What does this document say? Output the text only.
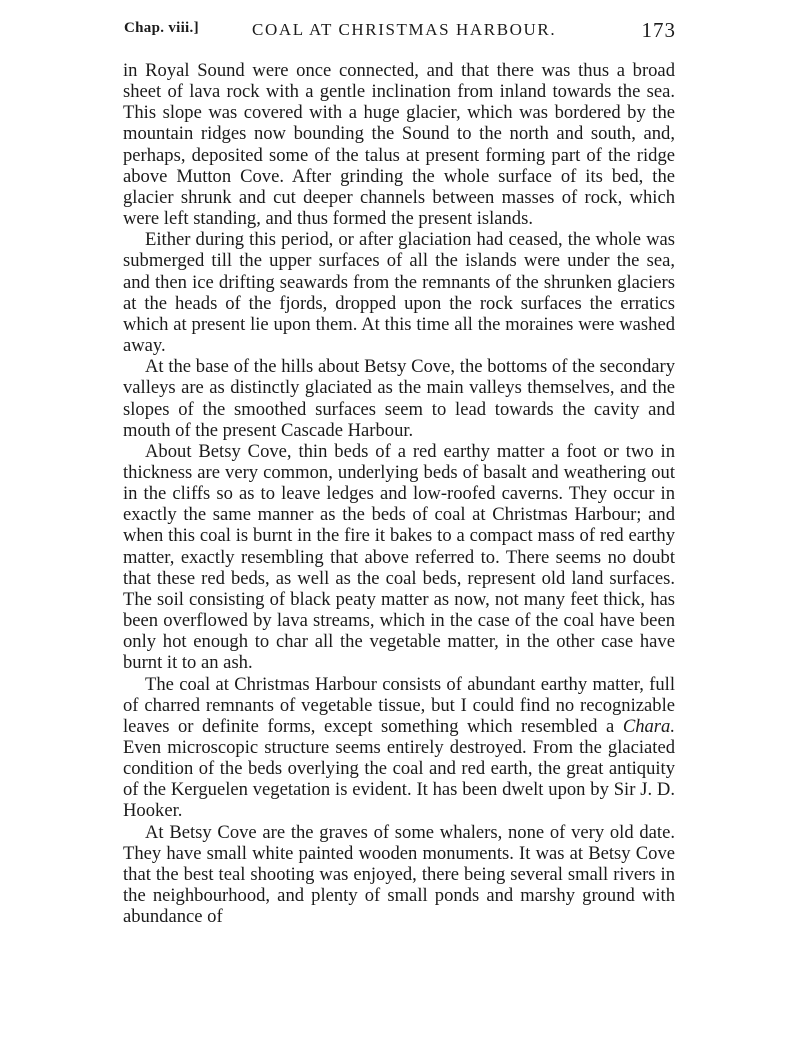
Chap. viii.]	COAL AT CHRISTMAS HARBOUR.	173

in Royal Sound were once connected, and that there was thus a broad sheet of lava rock with a gentle inclination from inland towards the sea. This slope was covered with a huge glacier, which was bordered by the mountain ridges now bounding the Sound to the north and south, and, perhaps, deposited some of the talus at present forming part of the ridge above Mutton Cove. After grinding the whole surface of its bed, the glacier shrunk and cut deeper channels between masses of rock, which were left standing, and thus formed the present islands.

Either during this period, or after glaciation had ceased, the whole was submerged till the upper surfaces of all the islands were under the sea, and then ice drifting seawards from the remnants of the shrunken glaciers at the heads of the fjords, dropped upon the rock surfaces the erratics which at present lie upon them. At this time all the moraines were washed away.

At the base of the hills about Betsy Cove, the bottoms of the secondary valleys are as distinctly glaciated as the main valleys themselves, and the slopes of the smoothed surfaces seem to lead towards the cavity and mouth of the present Cascade Harbour.

About Betsy Cove, thin beds of a red earthy matter a foot or two in thickness are very common, underlying beds of basalt and weathering out in the cliffs so as to leave ledges and low-roofed caverns. They occur in exactly the same manner as the beds of coal at Christmas Harbour; and when this coal is burnt in the fire it bakes to a compact mass of red earthy matter, exactly resembling that above referred to. There seems no doubt that these red beds, as well as the coal beds, represent old land surfaces. The soil consisting of black peaty matter as now, not many feet thick, has been overflowed by lava streams, which in the case of the coal have been only hot enough to char all the vegetable matter, in the other case have burnt it to an ash.

The coal at Christmas Harbour consists of abundant earthy matter, full of charred remnants of vegetable tissue, but I could find no recognizable leaves or definite forms, except something which resembled a Chara. Even microscopic structure seems entirely destroyed. From the glaciated condition of the beds overlying the coal and red earth, the great antiquity of the Kerguelen vegetation is evident. It has been dwelt upon by Sir J. D. Hooker.

At Betsy Cove are the graves of some whalers, none of very old date. They have small white painted wooden monuments. It was at Betsy Cove that the best teal shooting was enjoyed, there being several small rivers in the neighbourhood, and plenty of small ponds and marshy ground with abundance of
